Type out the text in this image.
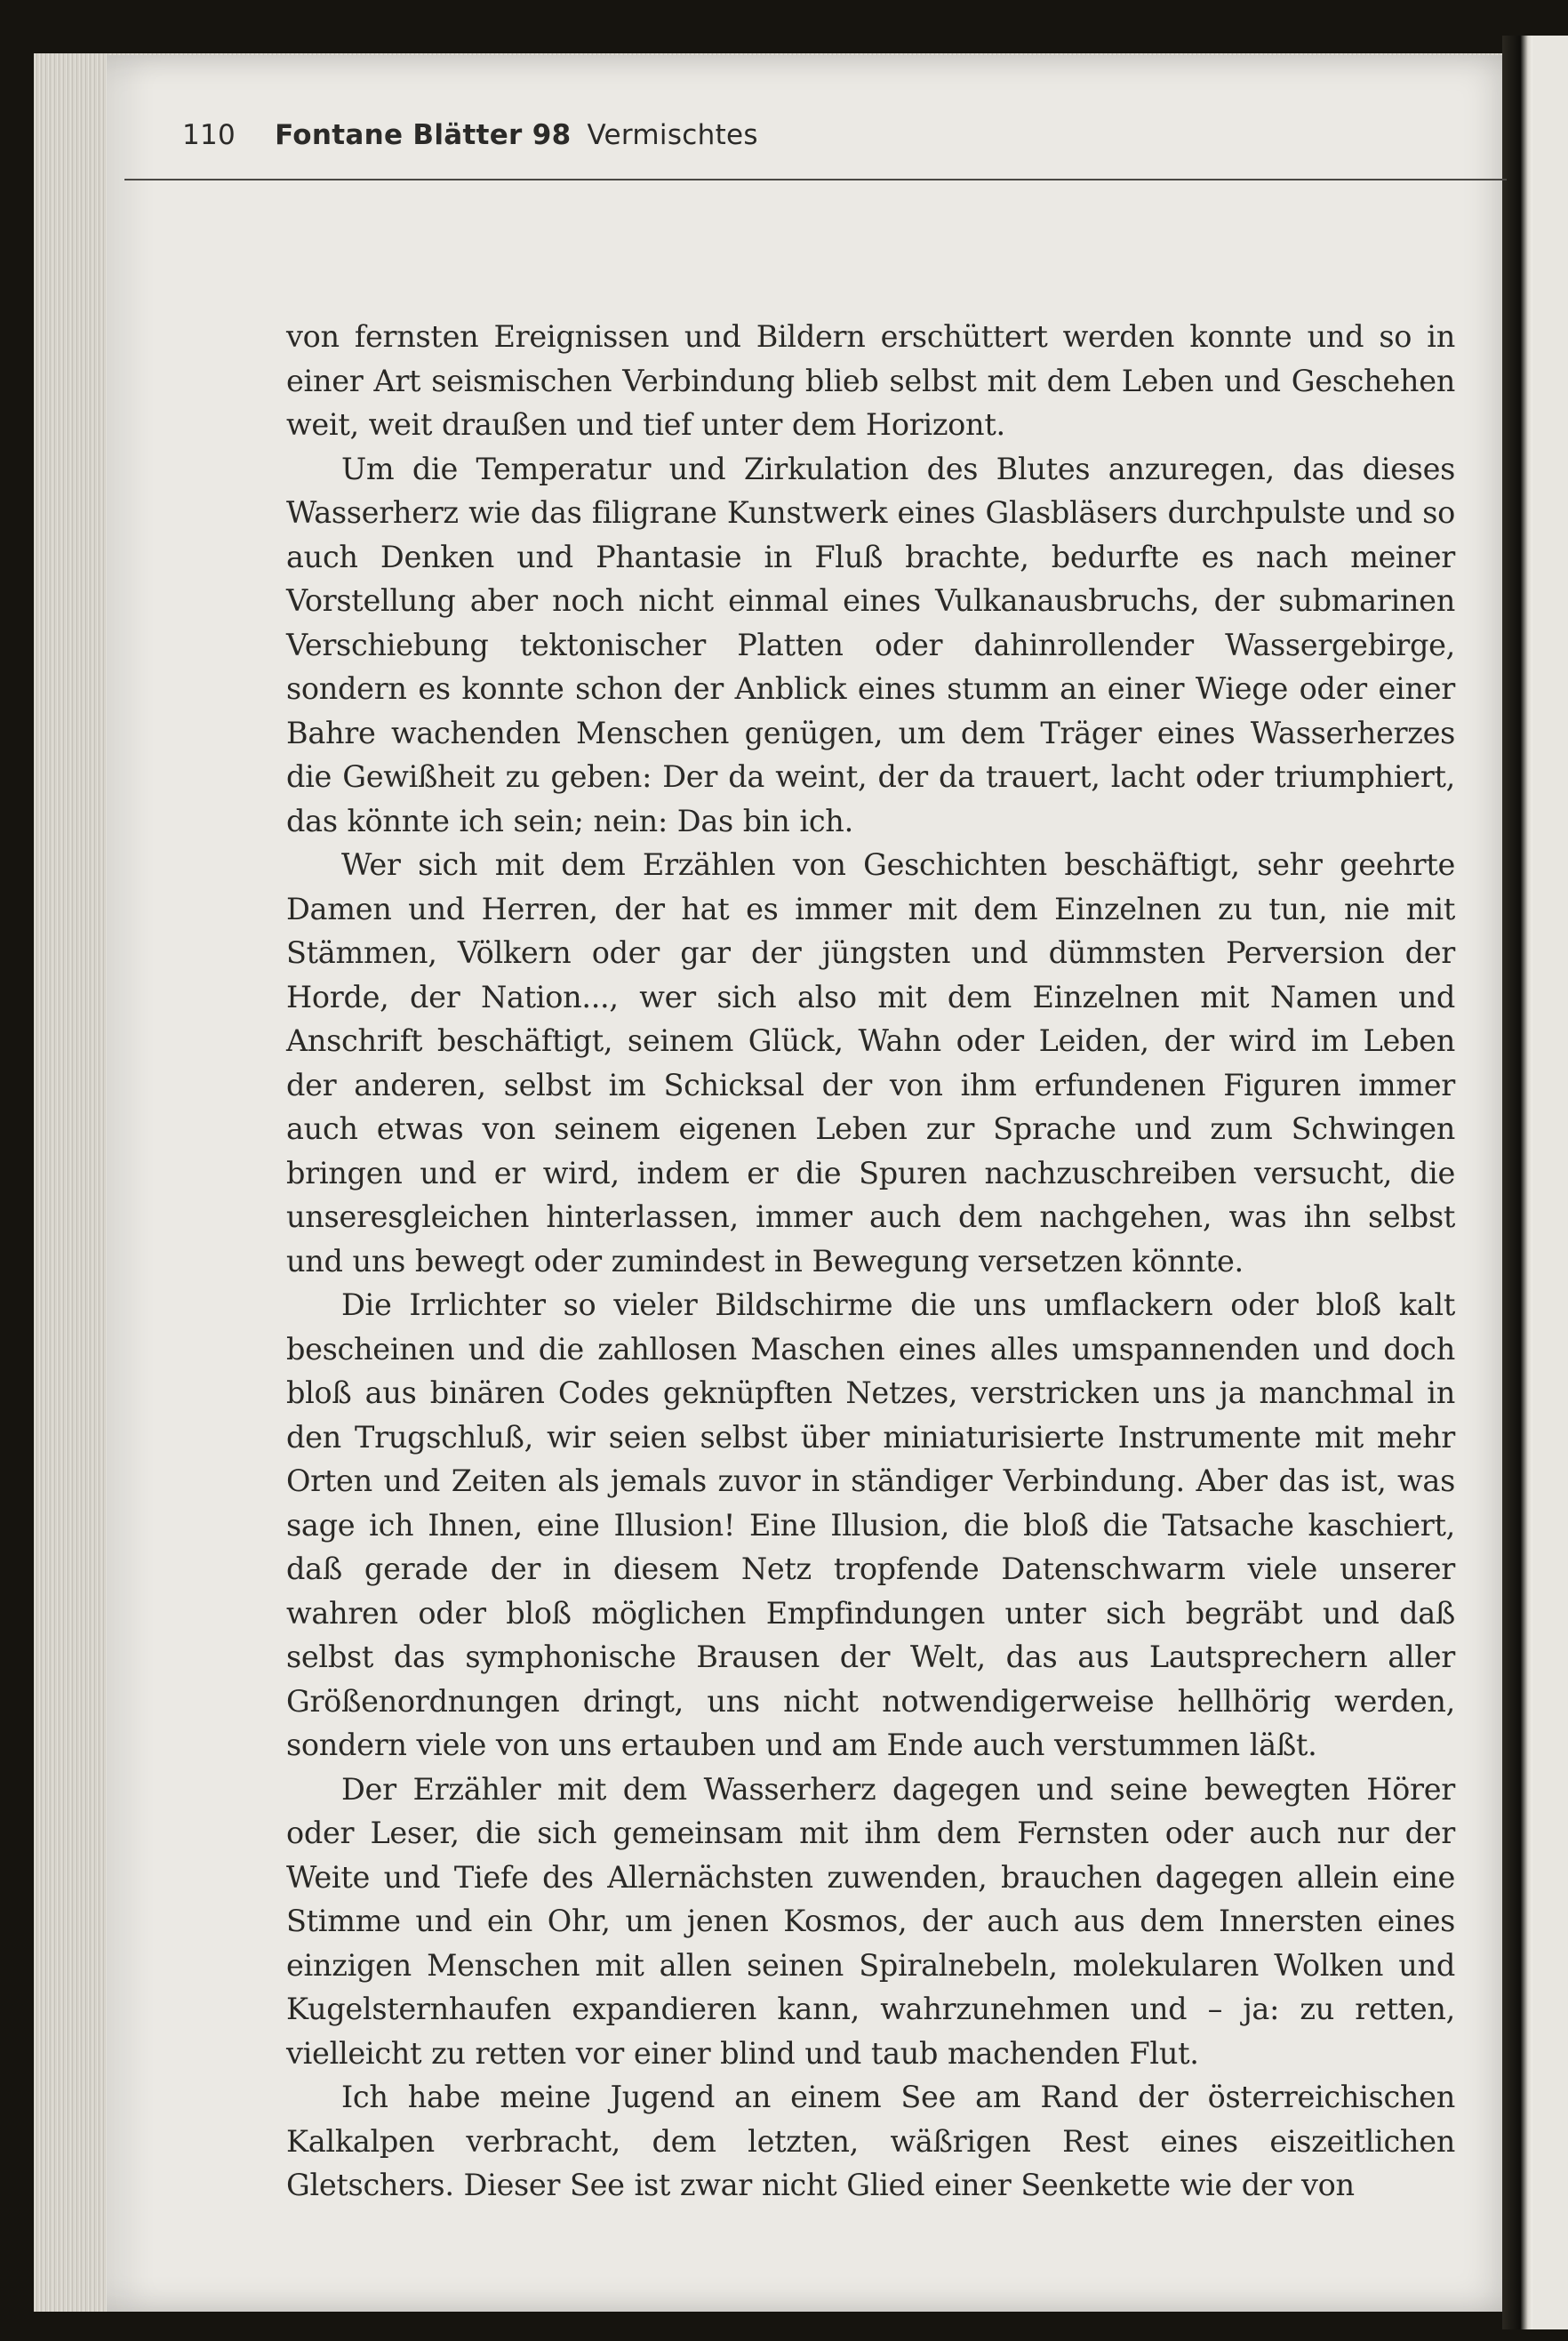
110 Fontane Blätter 98 Vermischtes

von fernsten Ereignissen und Bildern erschüttert werden konnte und so in einer Art seismischen Verbindung blieb selbst mit dem Leben und Geschehen weit, weit draußen und tief unter dem Horizont.

Um die Temperatur und Zirkulation des Blutes anzuregen, das dieses Wasserherz wie das filigrane Kunstwerk eines Glasbläsers durchpulste und so auch Denken und Phantasie in Fluß brachte, bedurfte es nach meiner Vorstellung aber noch nicht einmal eines Vulkanausbruchs, der submarinen Verschiebung tektonischer Platten oder dahinrollender Wassergebirge, sondern es konnte schon der Anblick eines stumm an einer Wiege oder einer Bahre wachenden Menschen genügen, um dem Träger eines Wasserherzes die Gewißheit zu geben: Der da weint, der da trauert, lacht oder triumphiert, das könnte ich sein; nein: Das bin ich.

Wer sich mit dem Erzählen von Geschichten beschäftigt, sehr geehrte Damen und Herren, der hat es immer mit dem Einzelnen zu tun, nie mit Stämmen, Völkern oder gar der jüngsten und dümmsten Perversion der Horde, der Nation..., wer sich also mit dem Einzelnen mit Namen und Anschrift beschäftigt, seinem Glück, Wahn oder Leiden, der wird im Leben der anderen, selbst im Schicksal der von ihm erfundenen Figuren immer auch etwas von seinem eigenen Leben zur Sprache und zum Schwingen bringen und er wird, indem er die Spuren nachzuschreiben versucht, die unseresgleichen hinterlassen, immer auch dem nachgehen, was ihn selbst und uns bewegt oder zumindest in Bewegung versetzen könnte.

Die Irrlichter so vieler Bildschirme die uns umflackern oder bloß kalt bescheinen und die zahllosen Maschen eines alles umspannenden und doch bloß aus binären Codes geknüpften Netzes, verstricken uns ja manchmal in den Trugschluß, wir seien selbst über miniaturisierte Instrumente mit mehr Orten und Zeiten als jemals zuvor in ständiger Verbindung. Aber das ist, was sage ich Ihnen, eine Illusion! Eine Illusion, die bloß die Tatsache kaschiert, daß gerade der in diesem Netz tropfende Datenschwarm viele unserer wahren oder bloß möglichen Empfindungen unter sich begräbt und daß selbst das symphonische Brausen der Welt, das aus Lautsprechern aller Größenordnungen dringt, uns nicht notwendigerweise hellhörig werden, sondern viele von uns ertauben und am Ende auch verstummen läßt.

Der Erzähler mit dem Wasserherz dagegen und seine bewegten Hörer oder Leser, die sich gemeinsam mit ihm dem Fernsten oder auch nur der Weite und Tiefe des Allernächsten zuwenden, brauchen dagegen allein eine Stimme und ein Ohr, um jenen Kosmos, der auch aus dem Innersten eines einzigen Menschen mit allen seinen Spiralnebeln, molekularen Wolken und Kugelsternhaufen expandieren kann, wahrzunehmen und – ja: zu retten, vielleicht zu retten vor einer blind und taub machenden Flut.

Ich habe meine Jugend an einem See am Rand der österreichischen Kalkalpen verbracht, dem letzten, wäßrigen Rest eines eiszeitlichen Gletschers. Dieser See ist zwar nicht Glied einer Seenkette wie der von
